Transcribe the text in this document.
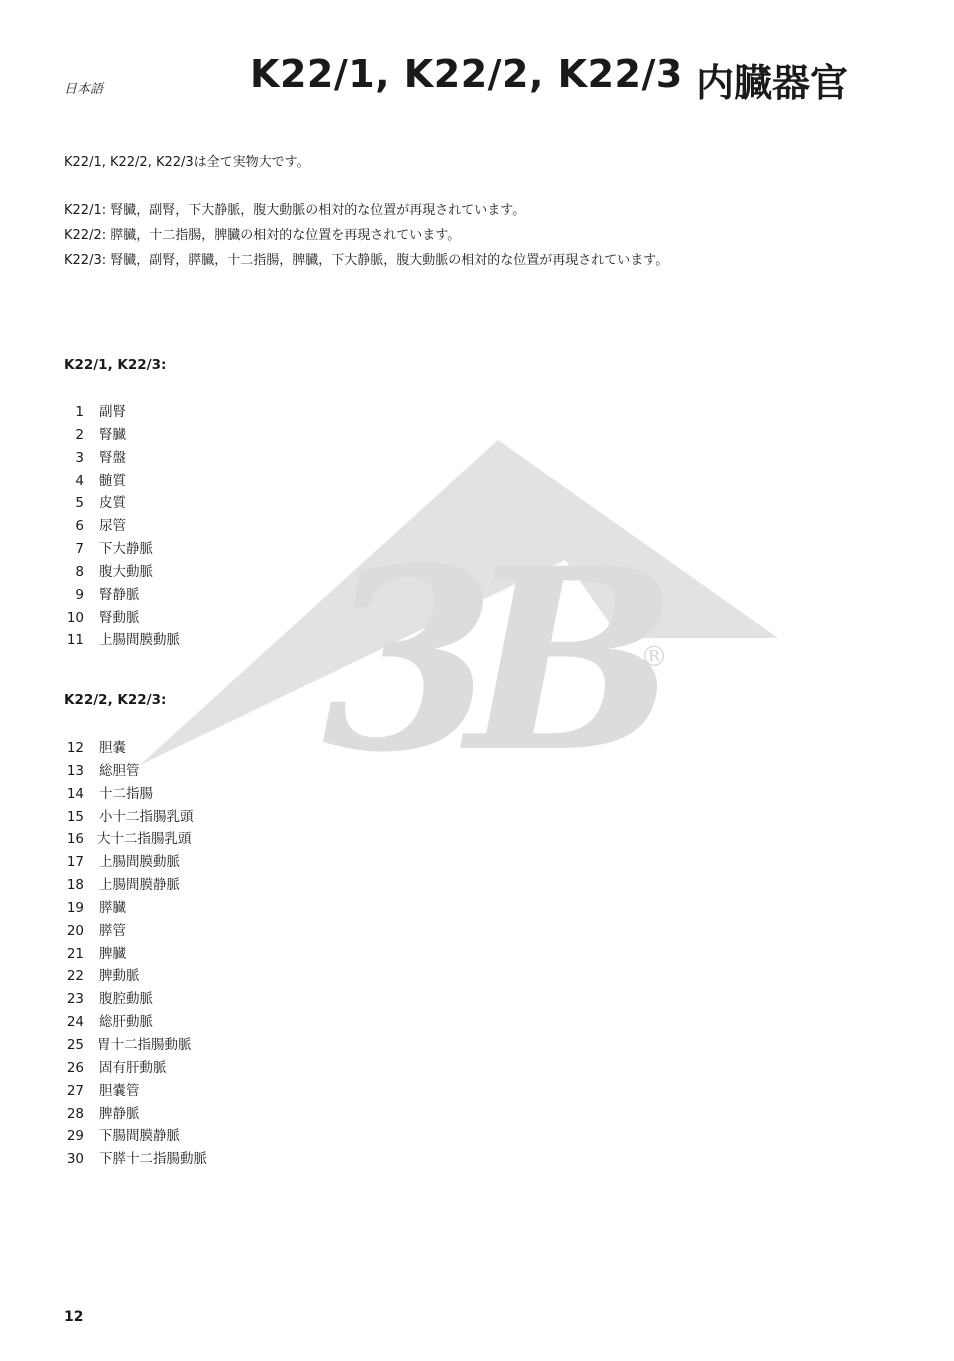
3B
®
日本語	K22/1, K22/2, K22/3 内臓器官
K22/1, K22/2, K22/3は全て実物大です。
K22/1: 腎臓，副腎，下大静脈，腹大動脈の相対的な位置が再現されています。
K22/2: 膵臓，十二指腸，脾臓の相対的な位置を再現されています。
K22/3: 腎臓，副腎，膵臓，十二指腸，脾臓，下大静脈，腹大動脈の相対的な位置が再現されています。
K22/1, K22/3:
1 副腎
2 腎臓
3 腎盤
4 髄質
5 皮質
6 尿管
7 下大静脈
8 腹大動脈
9 腎静脈
10 腎動脈
11 上腸間膜動脈
K22/2, K22/3:
12 胆嚢
13 総胆管
14 十二指腸
15 小十二指腸乳頭
16 大十二指腸乳頭
17 上腸間膜動脈
18 上腸間膜静脈
19 膵臓
20 膵管
21 脾臓
22 脾動脈
23 腹腔動脈
24 総肝動脈
25 胃十二指腸動脈
26 固有肝動脈
27 胆嚢管
28 脾静脈
29 下腸間膜静脈
30 下膵十二指腸動脈
12
